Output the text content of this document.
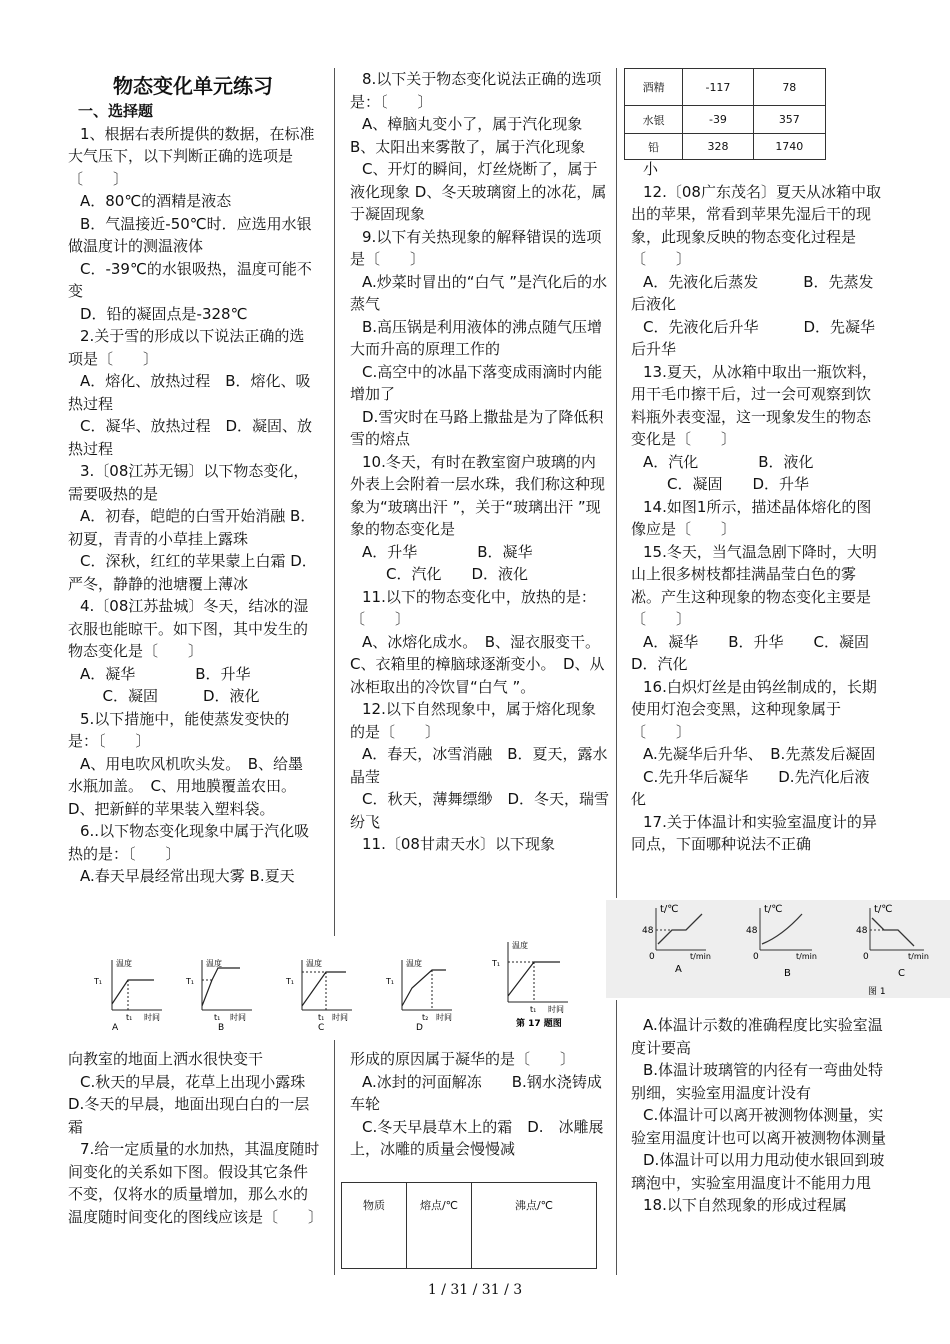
物态变化单元练习

一、选择题

1、根据右表所提供的数据，在标准大气压下，以下判断正确的选项是〔　　〕

A．80℃的酒精是液态

B．气温接近-50℃时．应选用水银做温度计的测温液体

C．-39℃的水银吸热，温度可能不变

D．铅的凝固点是-328℃

2.关于雪的形成以下说法正确的选项是〔　　〕

A．熔化、放热过程　B．熔化、吸热过程

C．凝华、放热过程　D．凝固、放热过程

3.〔08江苏无锡〕以下物态变化，需要吸热的是

A．初春，皑皑的白雪开始消融 B．初夏，青青的小草挂上露珠

C．深秋，红红的苹果蒙上白霜 D．严冬，静静的池塘覆上薄冰

4.〔08江苏盐城〕冬天，结冰的湿衣服也能晾干。如下图，其中发生的物态变化是〔　　〕

A．凝华　　　　B．升华

C．凝固　　　D．液化

5.以下措施中，能使蒸发变快的是：〔　　〕

A、用电吹风机吹头发。　B、给墨水瓶加盖。　C、用地膜覆盖农田。　D、把新鲜的苹果装入塑料袋。

6..以下物态变化现象中属于汽化吸热的是：〔　　〕

A.春天早晨经常出现大雾 B.夏天

8.以下关于物态变化说法正确的选项是：〔　　〕

A、樟脑丸变小了，属于汽化现象 B、太阳出来雾散了，属于汽化现象

C、开灯的瞬间，灯丝烧断了，属于液化现象 D、冬天玻璃窗上的冰花，属于凝固现象

9.以下有关热现象的解释错误的选项是〔　　〕

A.炒菜时冒出的“白气 ”是汽化后的水蒸气

B.高压锅是利用液体的沸点随气压增大而升高的原理工作的

C.高空中的冰晶下落变成雨滴时内能增加了

D.雪灾时在马路上撒盐是为了降低积雪的熔点

10.冬天，有时在教室窗户玻璃的内外表上会附着一层水珠，我们称这种现象为“玻璃出汗 ”，关于“玻璃出汗 ”现象的物态变化是

A．升华　　　　B．凝华

C．汽化　　D．液化

11.以下的物态变化中，放热的是：〔　　〕

A、冰熔化成水。　B、湿衣服变干。C、衣箱里的樟脑球逐渐变小。　D、从冰柜取出的冷饮冒“白气 ”。

12.以下自然现象中，属于熔化现象的是〔　　〕

A．春天，冰雪消融　B．夏天，露水晶莹

C．秋天，薄舞缥缈　D．冬天，瑞雪纷飞

11.〔08甘肃天水〕以下现象

酒精	-117	78
水银	-39	357
铅	328	1740

小

12.〔08广东茂名〕夏天从冰箱中取出的苹果，常看到苹果先湿后干的现象，此现象反映的物态变化过程是〔　　〕

A．先液化后蒸发　　　B．先蒸发后液化

C．先液化后升华　　　D．先凝华后升华

13.夏天，从冰箱中取出一瓶饮料，用干毛巾擦干后，过一会可观察到饮料瓶外表变湿，这一现象发生的物态变化是〔　　〕

A．汽化　　　　B．液化

C．凝固　　D．升华

14.如图1所示，描述晶体熔化的图像应是〔　　〕

15.冬天，当气温急剧下降时，大明山上很多树枝都挂满晶莹白色的雾凇。产生这种现象的物态变化主要是〔　　〕

A．凝华　　B．升华　　C．凝固　D．汽化

16.白炽灯丝是由钨丝制成的，长期使用灯泡会变黑，这种现象属于〔　　〕

A.先凝华后升华、　B.先蒸发后凝固

C.先升华后凝华　　D.先汽化后液化

17.关于体温计和实验室温度计的异同点，下面哪种说法不正确

t/℃
t/min
48
0
A
t/℃
t/min
48
0
B
t/℃
t/min
48
0
C
图 1
温度
T₁
t₁ 时间
A
温度
T₁
t₁ 时间
B
温度
T₁
t₁ 时间
C
温度
T₁
t₂ 时间
D
温度
T₁
t₁ 时间
第 17 题图

向教室的地面上洒水很快变干

C.秋天的早晨，花草上出现小露珠 D.冬天的早晨，地面出现白白的一层霜

7.给一定质量的水加热，其温度随时间变化的关系如下图。假设其它条件不变，仅将水的质量增加，那么水的温度随时间变化的图线应该是〔　　〕

形成的原因属于凝华的是〔　　〕

A.冰封的河面解冻　　B.钢水浇铸成车轮

C.冬天早晨草木上的霜　D.　冰雕展上，冰雕的质量会慢慢减

物质	熔点/℃	沸点/℃

A.体温计示数的准确程度比实验室温度计要高

B.体温计玻璃管的内径有一弯曲处特别细，实验室用温度计没有

C.体温计可以离开被测物体测量，实验室用温度计也可以离开被测物体测量

D.体温计可以用力甩动使水银回到玻璃泡中，实验室用温度计不能用力甩

18.以下自然现象的形成过程属

1 / 31 / 31 / 3
